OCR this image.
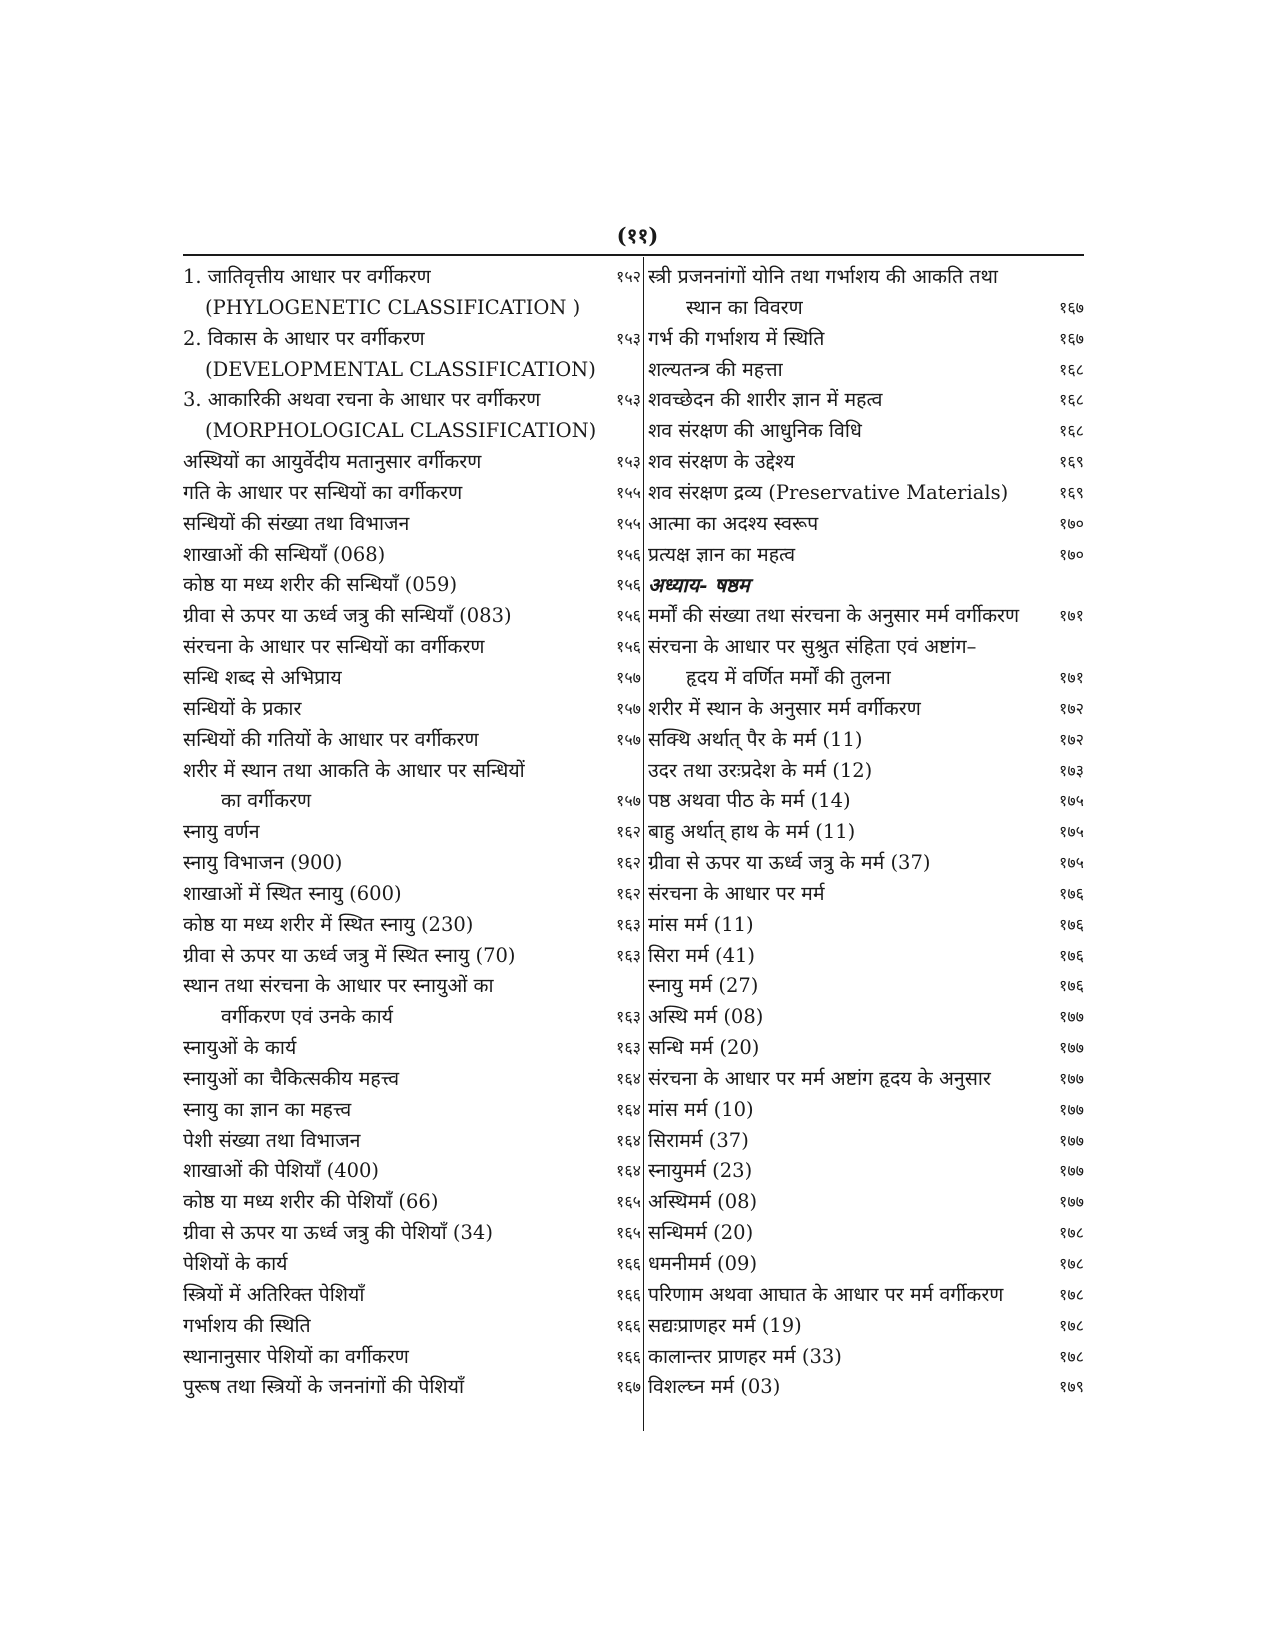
(११)
1. जातिवृत्तीय आधार पर वर्गीकरण	१५२
(PHYLOGENETIC CLASSIFICATION )
2. विकास के आधार पर वर्गीकरण	१५३
(DEVELOPMENTAL CLASSIFICATION)
3. आकारिकी अथवा रचना के आधार पर वर्गीकरण	१५३
(MORPHOLOGICAL CLASSIFICATION)
अस्थियों का आयुर्वेदीय मतानुसार वर्गीकरण	१५३
गति के आधार पर सन्धियों का वर्गीकरण	१५५
सन्धियों की संख्या तथा विभाजन	१५५
शाखाओं की सन्धियाँ (068)	१५६
कोष्ठ या मध्य शरीर की सन्धियाँ (059)	१५६
ग्रीवा से ऊपर या ऊर्ध्व जत्रु की सन्धियाँ (083)	१५६
संरचना के आधार पर सन्धियों का वर्गीकरण	१५६
सन्धि शब्द से अभिप्राय	१५७
सन्धियों के प्रकार	१५७
सन्धियों की गतियों के आधार पर वर्गीकरण	१५७
शरीर में स्थान तथा आकति के आधार पर सन्धियों
का वर्गीकरण	१५७
स्नायु वर्णन	१६२
स्नायु विभाजन (900)	१६२
शाखाओं में स्थित स्नायु (600)	१६२
कोष्ठ या मध्य शरीर में स्थित स्नायु (230)	१६३
ग्रीवा से ऊपर या ऊर्ध्व जत्रु में स्थित स्नायु (70)	१६३
स्थान तथा संरचना के आधार पर स्नायुओं का
वर्गीकरण एवं उनके कार्य	१६३
स्नायुओं के कार्य	१६३
स्नायुओं का चैकित्सकीय महत्त्व	१६४
स्नायु का ज्ञान का महत्त्व	१६४
पेशी संख्या तथा विभाजन	१६४
शाखाओं की पेशियाँ (400)	१६४
कोष्ठ या मध्य शरीर की पेशियाँ (66)	१६५
ग्रीवा से ऊपर या ऊर्ध्व जत्रु की पेशियाँ (34)	१६५
पेशियों के कार्य	१६६
स्त्रियों में अतिरिक्त पेशियाँ	१६६
गर्भाशय की स्थिति	१६६
स्थानानुसार पेशियों का वर्गीकरण	१६६
पुरूष तथा स्त्रियों के जननांगों की पेशियाँ	१६७
स्त्री प्रजननांगों योनि तथा गर्भाशय की आकति तथा
स्थान का विवरण	१६७
गर्भ की गर्भाशय में स्थिति	१६७
शल्यतन्त्र की महत्ता	१६८
शवच्छेदन की शारीर ज्ञान में महत्व	१६८
शव संरक्षण की आधुनिक विधि	१६८
शव संरक्षण के उद्देश्य	१६९
शव संरक्षण द्रव्य (Preservative Materials)	१६९
आत्मा का अदश्य स्वरूप	१७०
प्रत्यक्ष ज्ञान का महत्व	१७०
अध्याय- षष्ठम
मर्मों की संख्या तथा संरचना के अनुसार मर्म वर्गीकरण १७१
संरचना के आधार पर सुश्रुत संहिता एवं अष्टांग–
हृदय में वर्णित मर्मों की तुलना	१७१
शरीर में स्थान के अनुसार मर्म वर्गीकरण	१७२
सक्थि अर्थात् पैर के मर्म (11)	१७२
उदर तथा उरःप्रदेश के मर्म (12)	१७३
पष्ठ अथवा पीठ के मर्म (14)	१७५
बाहु अर्थात् हाथ के मर्म (11)	१७५
ग्रीवा से ऊपर या ऊर्ध्व जत्रु के मर्म (37)	१७५
संरचना के आधार पर मर्म	१७६
मांस मर्म (11)	१७६
सिरा मर्म (41)	१७६
स्नायु मर्म (27)	१७६
अस्थि मर्म (08)	१७७
सन्धि मर्म (20)	१७७
संरचना के आधार पर मर्म अष्टांग हृदय के अनुसार	१७७
मांस मर्म (10)	१७७
सिरामर्म (37)	१७७
स्नायुमर्म (23)	१७७
अस्थिमर्म (08)	१७७
सन्धिमर्म (20)	१७८
धमनीमर्म (09)	१७८
परिणाम अथवा आघात के आधार पर मर्म वर्गीकरण	१७८
सद्यःप्राणहर मर्म (19)	१७८
कालान्तर प्राणहर मर्म (33)	१७८
विशल्घ्न मर्म (03)	१७९
